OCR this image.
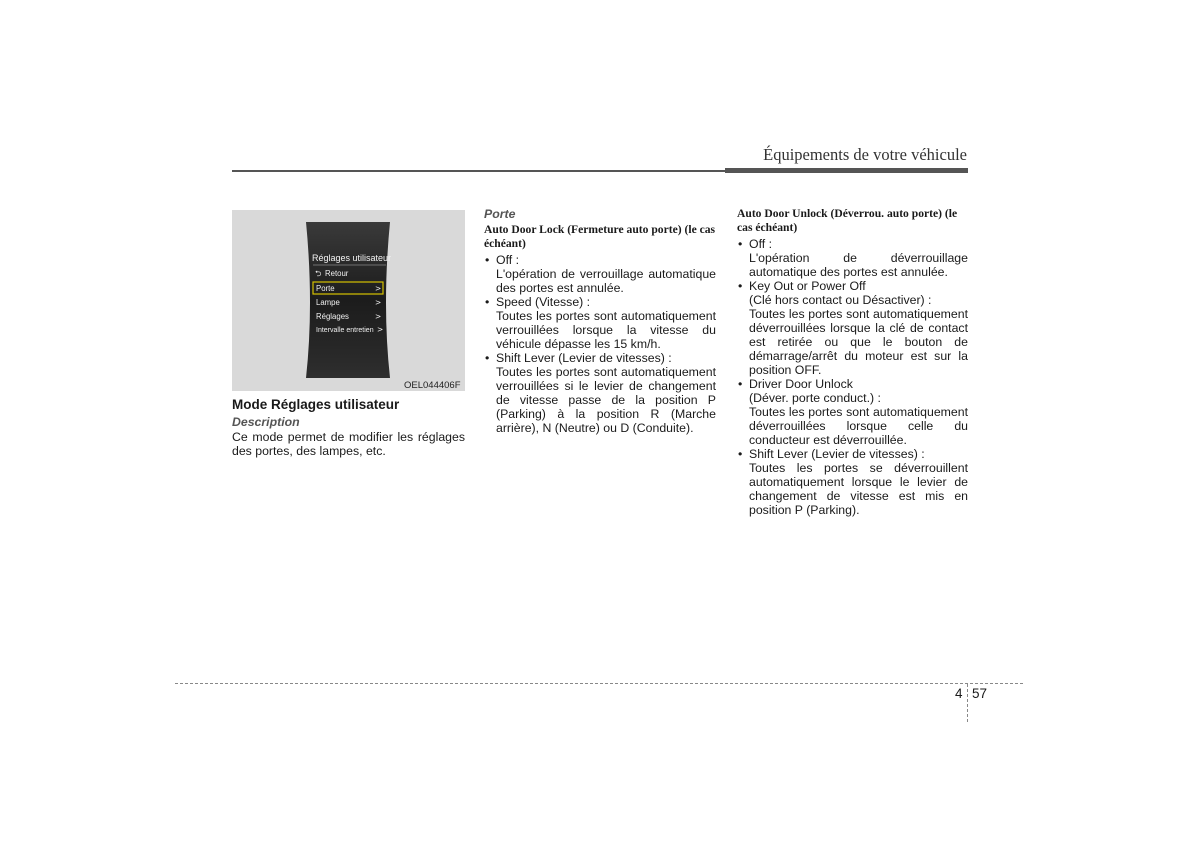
Équipements de votre véhicule
Réglages utilisateur
⮌ Retour
Porte	>
Lampe	>
Réglages	>
Intervalle entretien >
OEL044406F
Mode Réglages utilisateur
Description

Ce mode permet de modifier les réglages des portes, des lampes, etc.

Porte
Auto Door Lock (Fermeture auto porte) (le cas échéant)
• Off :
L'opération de verrouillage automatique des portes est annulée.
• Speed (Vitesse) :
Toutes les portes sont automatiquement verrouillées lorsque la vitesse du véhicule dépasse les 15 km/h.
• Shift Lever (Levier de vitesses) :
Toutes les portes sont automatiquement verrouillées si le levier de changement de vitesse passe de la position P (Parking) à la position R (Marche arrière), N (Neutre) ou D (Conduite).
Auto Door Unlock (Déverrou. auto porte) (le cas échéant)
• Off :
L'opération de déverrouillage automatique des portes est annulée.
• Key Out or Power Off
(Clé hors contact ou Désactiver) :
Toutes les portes sont automatiquement déverrouillées lorsque la clé de contact est retirée ou que le bouton de démarrage/arrêt du moteur est sur la position OFF.
• Driver Door Unlock
(Déver. porte conduct.) :
Toutes les portes sont automatiquement déverrouillées lorsque celle du conducteur est déverrouillée.
• Shift Lever (Levier de vitesses) :
Toutes les portes se déverrouillent automatiquement lorsque le levier de changement de vitesse est mis en position P (Parking).
4 57
